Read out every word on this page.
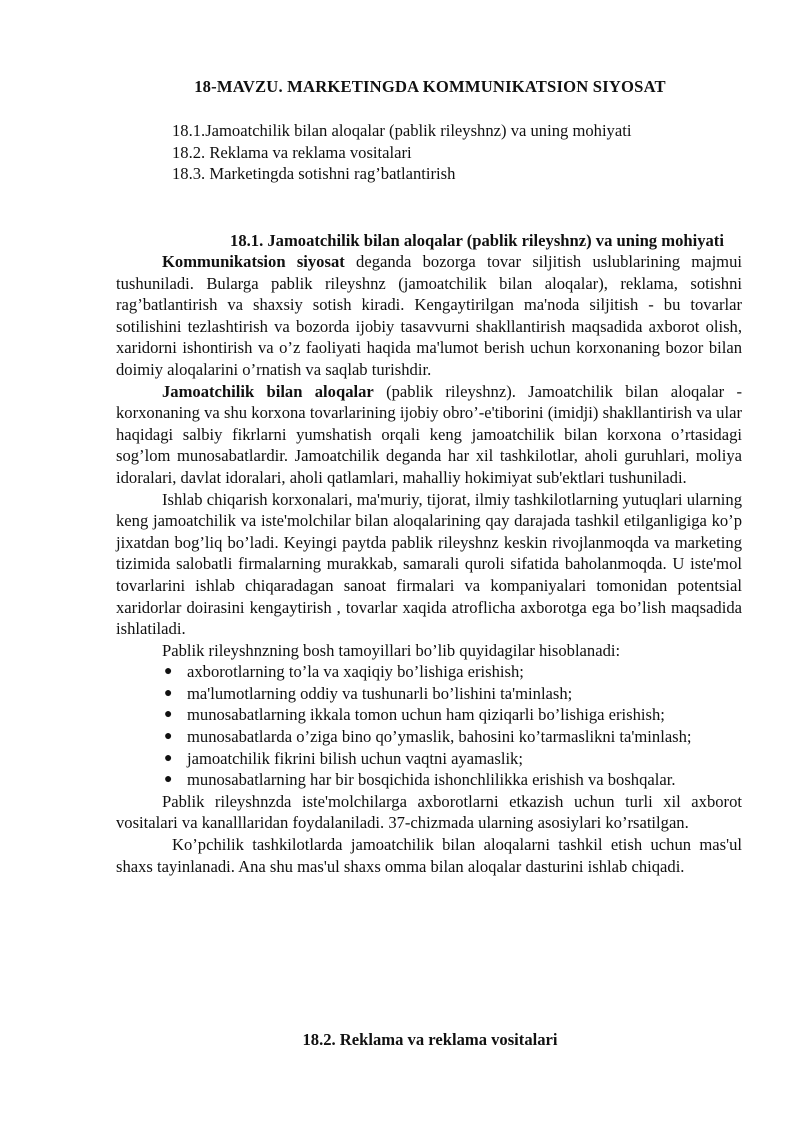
18-MAVZU. MARKETINGDA KOMMUNIKATSION SIYOSAT
18.1.Jamoatchilik bilan aloqalar (pablik rileyshnz) va uning mohiyati
18.2. Reklama va reklama vositalari
18.3. Marketingda sotishni rag’batlantirish
18.1. Jamoatchilik bilan aloqalar (pablik rileyshnz) va uning mohiyati

Kommunikatsion siyosat deganda bozorga tovar siljitish uslublarining majmui tushuniladi. Bularga pablik rileyshnz (jamoatchilik bilan aloqalar), reklama, sotishni rag’batlantirish va shaxsiy sotish kiradi. Kengaytirilgan ma'noda siljitish - bu tovarlar sotilishini tezlashtirish va bozorda ijobiy tasavvurni shakllantirish maqsadida axborot olish, xaridorni ishontirish va o’z faoliyati haqida ma'lumot berish uchun korxonaning bozor bilan doimiy aloqalarini o’rnatish va saqlab turishdir.

Jamoatchilik bilan aloqalar (pablik rileyshnz). Jamoatchilik bilan aloqalar - korxonaning va shu korxona tovarlarining ijobiy obro’-e'tiborini (imidji) shakllantirish va ular haqidagi salbiy fikrlarni yumshatish orqali keng jamoatchilik bilan korxona o’rtasidagi sog’lom munosabatlardir. Jamoatchilik deganda har xil tashkilotlar, aholi guruhlari, moliya idoralari, davlat idoralari, aholi qatlamlari, mahalliy hokimiyat sub'ektlari tushuniladi.

Ishlab chiqarish korxonalari, ma'muriy, tijorat, ilmiy tashkilotlarning yutuqlari ularning keng jamoatchilik va iste'molchilar bilan aloqalarining qay darajada tashkil etilganligiga ko’p jixatdan bog’liq bo’ladi. Keyingi paytda pablik rileyshnz keskin rivojlanmoqda va marketing tizimida salobatli firmalarning murakkab, samarali quroli sifatida baholanmoqda. U iste'mol tovarlarini ishlab chiqaradagan sanoat firmalari va kompaniyalari tomonidan potentsial xaridorlar doirasini kengaytirish , tovarlar xaqida atroflicha axborotga ega bo’lish maqsadida ishlatiladi.

Pablik rileyshnzning bosh tamoyillari bo’lib quyidagilar hisoblanadi:

● axborotlarning to’la va xaqiqiy bo’lishiga erishish;
● ma'lumotlarning oddiy va tushunarli bo’lishini ta'minlash;
● munosabatlarning ikkala tomon uchun ham qiziqarli bo’lishiga erishish;
● munosabatlarda o’ziga bino qo’ymaslik, bahosini ko’tarmaslikni ta'minlash;
● jamoatchilik fikrini bilish uchun vaqtni ayamaslik;
● munosabatlarning har bir bosqichida ishonchlilikka erishish va boshqalar.

Pablik rileyshnzda iste'molchilarga axborotlarni etkazish uchun turli xil axborot vositalari va kanalllaridan foydalaniladi. 37-chizmada ularning asosiylari ko’rsatilgan.

Ko’pchilik tashkilotlarda jamoatchilik bilan aloqalarni tashkil etish uchun mas'ul shaxs tayinlanadi. Ana shu mas'ul shaxs omma bilan aloqalar dasturini ishlab chiqadi.

18.2. Reklama va reklama vositalari
